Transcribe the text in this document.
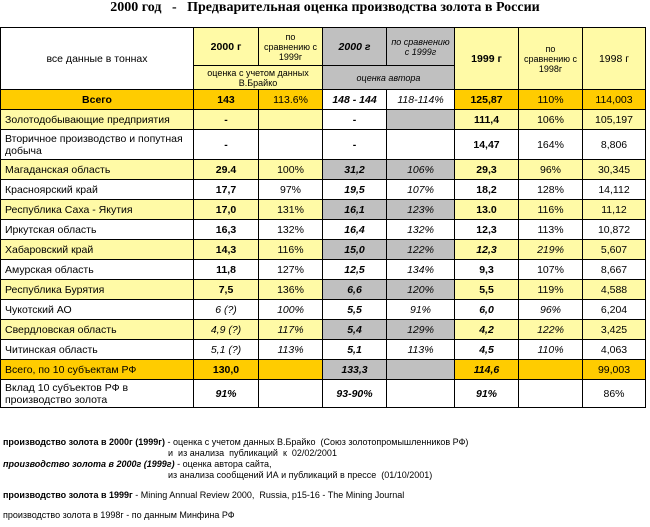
2000 год   -   Предварительная оценка производства золота в России
все данные в тоннах	2000 г	по сравнению с 1999г	2000 г	по сравнению с 1999г	1999 г	по сравнению с 1998г	1998 г
	оценка с учетом данных В.Брайко		оценка автора				
Всего	143	113.6%	148 - 144	118-114%	125,87	110%	114,003
Золотодобывающие предприятия	-		-		111,4	106%	105,197
Вторичное производство и попутная добыча	-		-		14,47	164%	8,806
Магаданская область	29.4	100%	31,2	106%	29,3	96%	30,345
Красноярский край	17,7	97%	19,5	107%	18,2	128%	14,112
Республика Саха - Якутия	17,0	131%	16,1	123%	13.0	116%	11,12
Иркутская область	16,3	132%	16,4	132%	12,3	113%	10,872
Хабаровский край	14,3	116%	15,0	122%	12,3	219%	5,607
Амурская область	11,8	127%	12,5	134%	9,3	107%	8,667
Республика Бурятия	7,5	136%	6,6	120%	5,5	119%	4,588
Чукотский АО	6 (?)	100%	5,5	91%	6,0	96%	6,204
Свердловская область	4,9 (?)	117%	5,4	129%	4,2	122%	3,425
Читинская область	5,1 (?)	113%	5,1	113%	4,5	110%	4,063
Всего, по 10 субъектам РФ	130,0		133,3		114,6		99,003
Вклад 10 субъектов РФ в производство золота	91%		93-90%		91%		86%

производство золота в 2000г (1999г) - оценка с учетом данных В.Брайко  (Союз золотопромышленников РФ)

и  из анализа  публикаций  к  02/02/2001

производство золота в 2000г (1999г) - оценка автора сайта,

из анализа сообщений ИА и публикаций в прессе  (01/10/2001)

производство золота в 1999г - Mining Annual Review 2000,  Russia, p15-16 - The Mining Journal

производство золота в 1998г - по данным Минфина РФ
